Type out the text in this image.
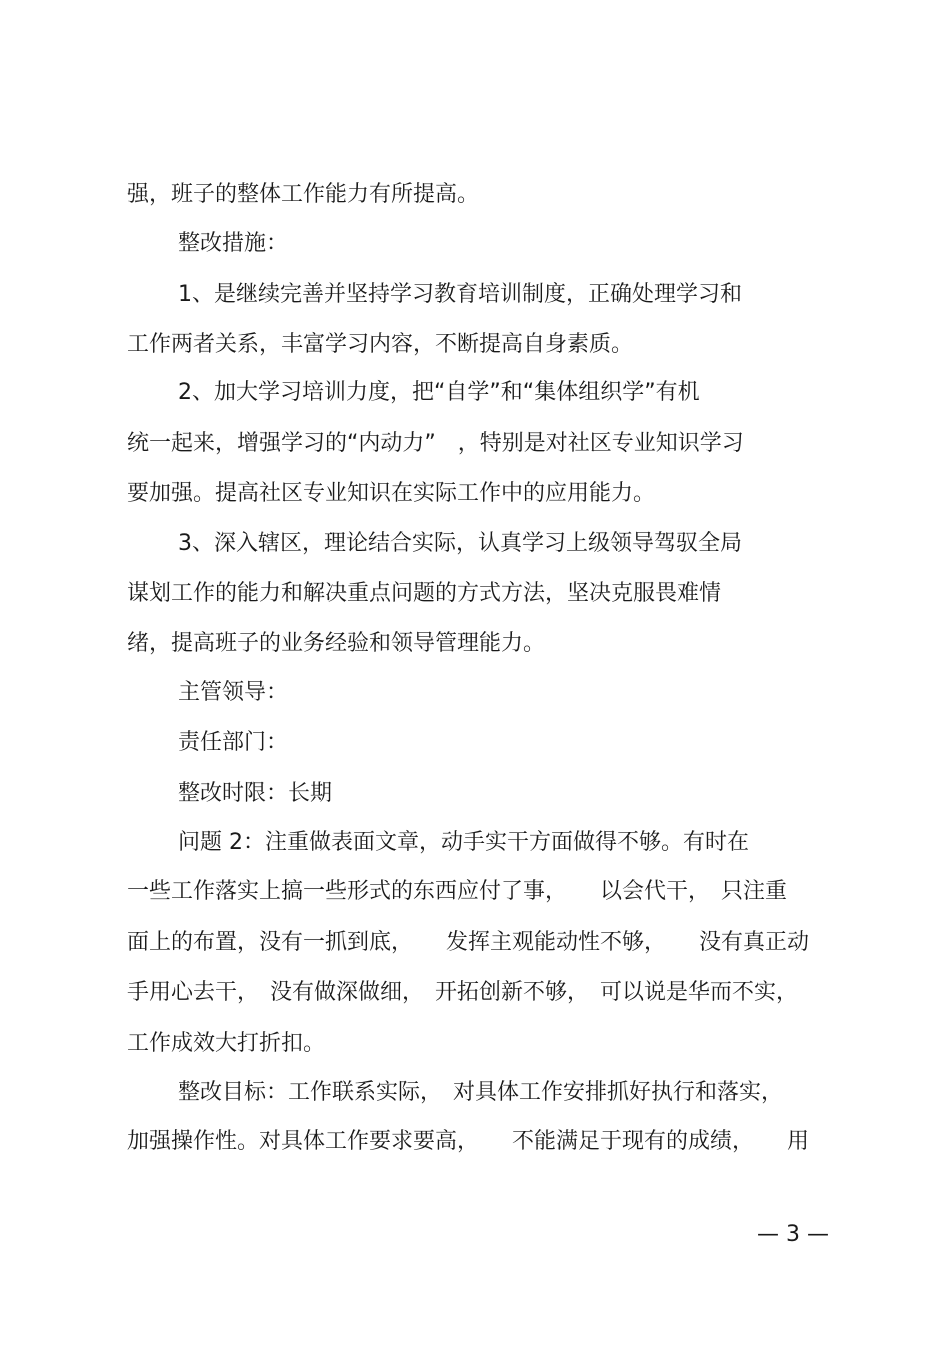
强，班子的整体工作能力有所提高。
整改措施：
1、是继续完善并坚持学习教育培训制度，正确处理学习和
工作两者关系，丰富学习内容，不断提高自身素质。
2、加大学习培训力度，把“自学”和“集体组织学”有机
统一起来，增强学习的“内动力”　，特别是对社区专业知识学习
要加强。提高社区专业知识在实际工作中的应用能力。
3、深入辖区，理论结合实际，认真学习上级领导驾驭全局
谋划工作的能力和解决重点问题的方式方法，坚决克服畏难情
绪，提高班子的业务经验和领导管理能力。
主管领导：
责任部门：
整改时限：长期
问题 2：注重做表面文章，动手实干方面做得不够。有时在
一些工作落实上搞一些形式的东西应付了事，　　以会代干，　只注重
面上的布置，没有一抓到底，　　发挥主观能动性不够，　　没有真正动
手用心去干，　没有做深做细，　开拓创新不够，　可以说是华而不实，
工作成效大打折扣。
整改目标：工作联系实际，　对具体工作安排抓好执行和落实，
加强操作性。对具体工作要求要高，　　不能满足于现有的成绩，　　用
— 3 —
